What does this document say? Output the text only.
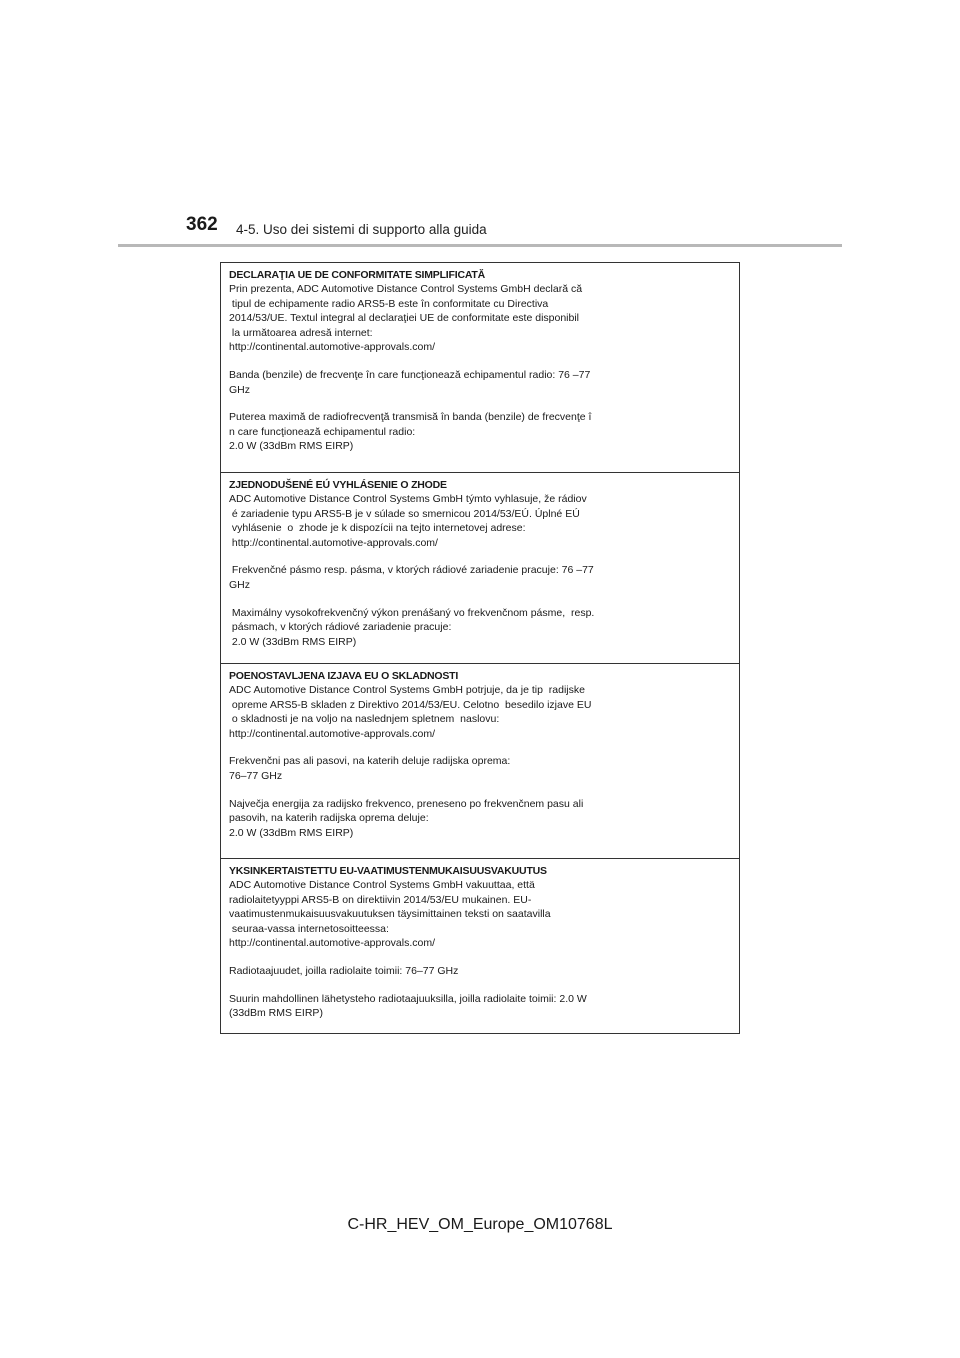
362 4-5. Uso dei sistemi di supporto alla guida
DECLARAŢIA UE DE CONFORMITATE SIMPLIFICATĂ
Prin prezenta, ADC Automotive Distance Control Systems GmbH declară că
tipul de echipamente radio ARS5-B este în conformitate cu Directiva
2014/53/UE. Textul integral al declaraţiei UE de conformitate este disponibil
la următoarea adresă internet:
http://continental.automotive-approvals.com/
Banda (benzile) de frecvenţe în care funcţionează echipamentul radio: 76 –77
GHz
Puterea maximă de radiofrecvenţă transmisă în banda (benzile) de frecvenţe î
n care funcţionează echipamentul radio:
2.0 W (33dBm RMS EIRP)
ZJEDNODUŠENÉ EÚ VYHLÁSENIE O ZHODE
ADC Automotive Distance Control Systems GmbH týmto vyhlasuje, že rádiov
é zariadenie typu ARS5-B je v súlade so smernicou 2014/53/EÚ. Úplné EÚ
vyhlásenie  o  zhode je k dispozícii na tejto internetovej adrese:
http://continental.automotive-approvals.com/
Frekvenčné pásmo resp. pásma, v ktorých rádiové zariadenie pracuje: 76 –77
GHz
Maximálny vysokofrekvenčný výkon prenášaný vo frekvenčnom pásme,  resp.
pásmach, v ktorých rádiové zariadenie pracuje:
2.0 W (33dBm RMS EIRP)
POENOSTAVLJENA IZJAVA EU O SKLADNOSTI
ADC Automotive Distance Control Systems GmbH potrjuje, da je tip  radijske
opreme ARS5-B skladen z Direktivo 2014/53/EU. Celotno  besedilo izjave EU
o skladnosti je na voljo na naslednjem spletnem  naslovu:
http://continental.automotive-approvals.com/
Frekvenčni pas ali pasovi, na katerih deluje radijska oprema:
76–77 GHz
Največja energija za radijsko frekvenco, preneseno po frekvenčnem pasu ali
pasovih, na katerih radijska oprema deluje:
2.0 W (33dBm RMS EIRP)
YKSINKERTAISTETTU EU-VAATIMUSTENMUKAISUUSVAKUUTUS
ADC Automotive Distance Control Systems GmbH vakuuttaa, että
radiolaitetyyppi ARS5-B on direktiivin 2014/53/EU mukainen. EU-
vaatimustenmukaisuusvakuutuksen täysimittainen teksti on saatavilla
seuraa-vassa internetosoitteessa:
http://continental.automotive-approvals.com/
Radiotaajuudet, joilla radiolaite toimii: 76–77 GHz
Suurin mahdollinen lähetysteho radiotaajuuksilla, joilla radiolaite toimii: 2.0 W
(33dBm RMS EIRP)
C-HR_HEV_OM_Europe_OM10768L
